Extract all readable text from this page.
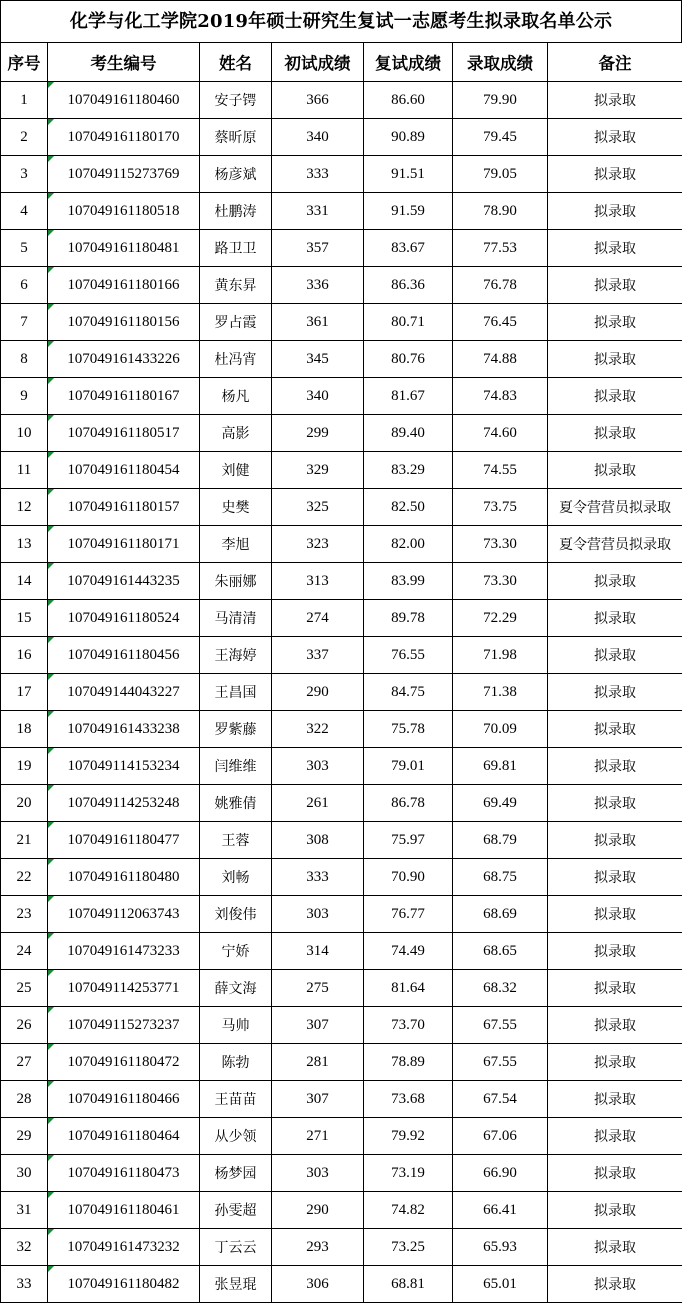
化学与化工学院2019年硕士研究生复试一志愿考生拟录取名单公示
序号	考生编号	姓名	初试成绩	复试成绩	录取成绩	备注
1	107049161180460	安子锷	366	86.60	79.90	拟录取
2	107049161180170	蔡昕原	340	90.89	79.45	拟录取
3	107049115273769	杨彦斌	333	91.51	79.05	拟录取
4	107049161180518	杜鹏涛	331	91.59	78.90	拟录取
5	107049161180481	路卫卫	357	83.67	77.53	拟录取
6	107049161180166	黄东昇	336	86.36	76.78	拟录取
7	107049161180156	罗占霞	361	80.71	76.45	拟录取
8	107049161433226	杜冯宵	345	80.76	74.88	拟录取
9	107049161180167	杨凡	340	81.67	74.83	拟录取
10	107049161180517	高影	299	89.40	74.60	拟录取
11	107049161180454	刘健	329	83.29	74.55	拟录取
12	107049161180157	史樊	325	82.50	73.75	夏令营营员拟录取
13	107049161180171	李旭	323	82.00	73.30	夏令营营员拟录取
14	107049161443235	朱丽娜	313	83.99	73.30	拟录取
15	107049161180524	马清清	274	89.78	72.29	拟录取
16	107049161180456	王海婷	337	76.55	71.98	拟录取
17	107049144043227	王昌国	290	84.75	71.38	拟录取
18	107049161433238	罗紫藤	322	75.78	70.09	拟录取
19	107049114153234	闫维维	303	79.01	69.81	拟录取
20	107049114253248	姚雅倩	261	86.78	69.49	拟录取
21	107049161180477	王蓉	308	75.97	68.79	拟录取
22	107049161180480	刘畅	333	70.90	68.75	拟录取
23	107049112063743	刘俊伟	303	76.77	68.69	拟录取
24	107049161473233	宁娇	314	74.49	68.65	拟录取
25	107049114253771	薛文海	275	81.64	68.32	拟录取
26	107049115273237	马帅	307	73.70	67.55	拟录取
27	107049161180472	陈勃	281	78.89	67.55	拟录取
28	107049161180466	王苗苗	307	73.68	67.54	拟录取
29	107049161180464	从少领	271	79.92	67.06	拟录取
30	107049161180473	杨梦园	303	73.19	66.90	拟录取
31	107049161180461	孙雯超	290	74.82	66.41	拟录取
32	107049161473232	丁云云	293	73.25	65.93	拟录取
33	107049161180482	张昱琨	306	68.81	65.01	拟录取
